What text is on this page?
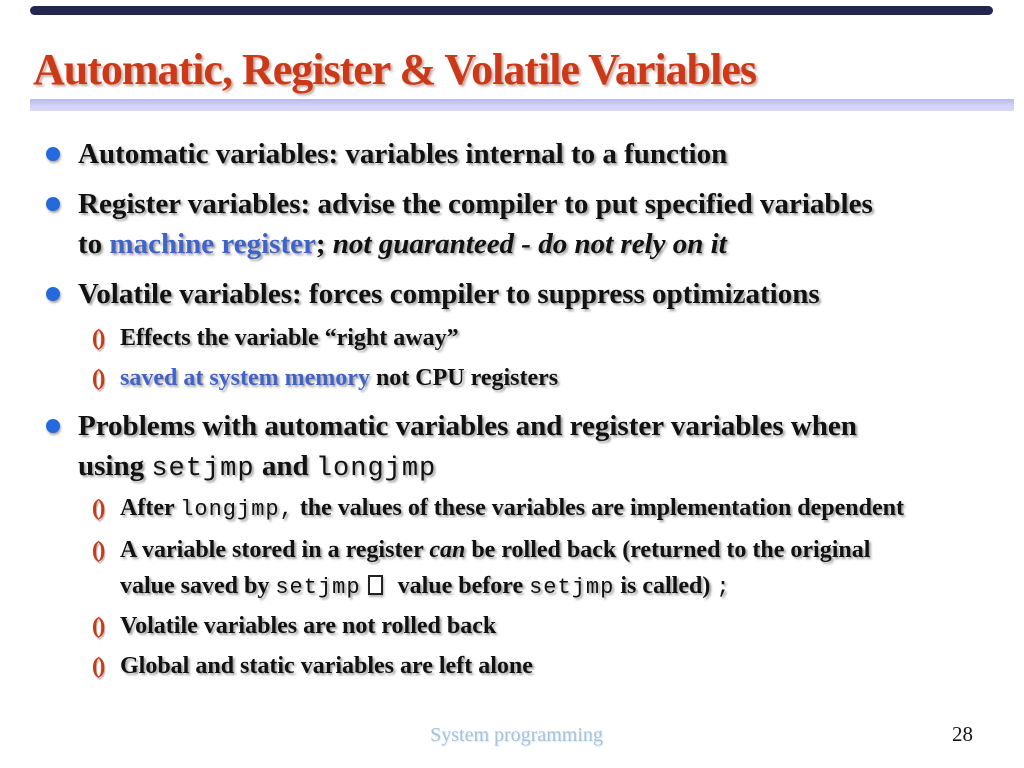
Automatic, Register & Volatile Variables
Automatic variables: variables internal to a function
Register variables: advise the compiler to put specified variables
to machine register; not guaranteed - do not rely on it
Volatile variables: forces compiler to suppress optimizations
() Effects the variable “right away”
() saved at system memory not CPU registers
Problems with automatic variables and register variables when
using setjmp and longjmp
() After longjmp, the values of these variables are implementation dependent
() A variable stored in a register can be rolled back (returned to the original
value saved by setjmp value before setjmp is called) ;
() Volatile variables are not rolled back
() Global and static variables are left alone
System programming	28
